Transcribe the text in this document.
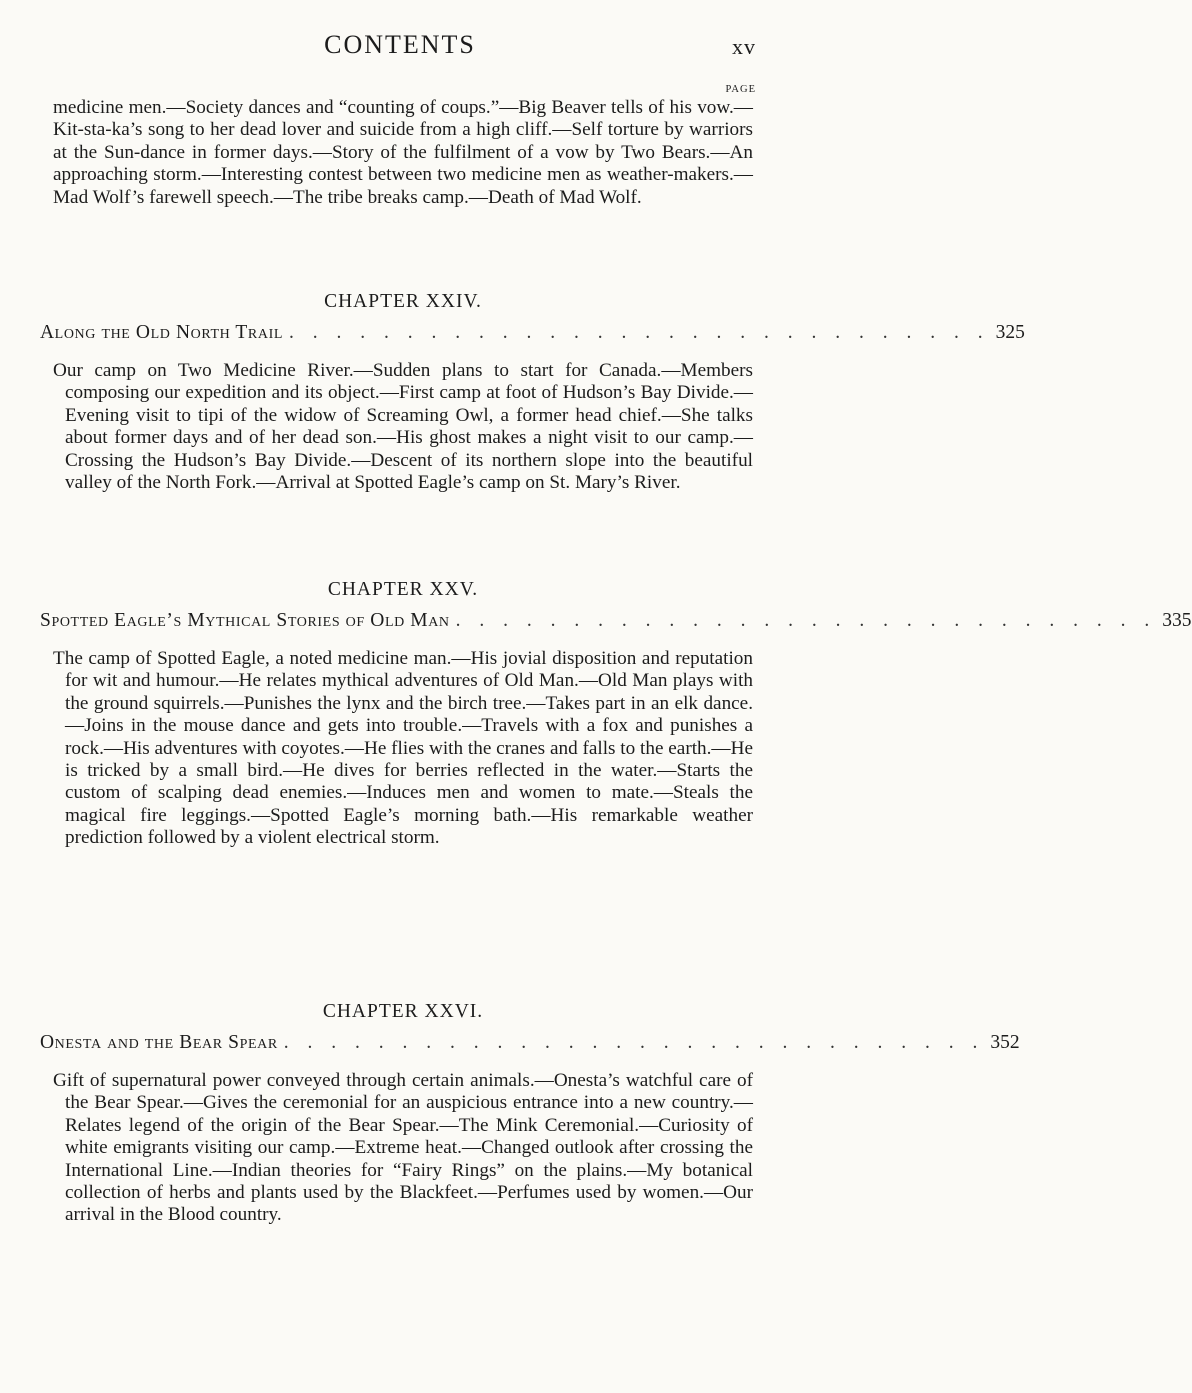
CONTENTS	xv
PAGE

medicine men.—Society dances and “counting of coups.”—Big Beaver tells of his vow.—Kit-sta-ka’s song to her dead lover and suicide from a high cliff.—Self torture by warriors at the Sun-dance in former days.—Story of the fulfilment of a vow by Two Bears.—An approaching storm.—Interesting contest between two medicine men as weather-makers.—Mad Wolf’s farewell speech.—The tribe breaks camp.—Death of Mad Wolf.

CHAPTER XXIV.

Along the Old North Trail . . . . . . . . . . . . . . . . . . . . . . . . . . . . . . 325

Our camp on Two Medicine River.—Sudden plans to start for Canada.—Members composing our expedition and its object.—First camp at foot of Hudson’s Bay Divide.—Evening visit to tipi of the widow of Screaming Owl, a former head chief.—She talks about former days and of her dead son.—His ghost makes a night visit to our camp.—Crossing the Hudson’s Bay Divide.—Descent of its northern slope into the beautiful valley of the North Fork.—Arrival at Spotted Eagle’s camp on St. Mary’s River.

CHAPTER XXV.

Spotted Eagle’s Mythical Stories of Old Man . . . . . . . . . . . . . . . . . . . . . . . . . . . . . . 335

The camp of Spotted Eagle, a noted medicine man.—His jovial disposition and reputation for wit and humour.—He relates mythical adventures of Old Man.—Old Man plays with the ground squirrels.—Punishes the lynx and the birch tree.—Takes part in an elk dance.—Joins in the mouse dance and gets into trouble.—Travels with a fox and punishes a rock.—His adventures with coyotes.—He flies with the cranes and falls to the earth.—He is tricked by a small bird.—He dives for berries reflected in the water.—Starts the custom of scalping dead enemies.—Induces men and women to mate.—Steals the magical fire leggings.—Spotted Eagle’s morning bath.—His remarkable weather prediction followed by a violent electrical storm.

CHAPTER XXVI.

Onesta and the Bear Spear . . . . . . . . . . . . . . . . . . . . . . . . . . . . . . 352

Gift of supernatural power conveyed through certain animals.—Onesta’s watchful care of the Bear Spear.—Gives the ceremonial for an auspicious entrance into a new country.—Relates legend of the origin of the Bear Spear.—The Mink Ceremonial.—Curiosity of white emigrants visiting our camp.—Extreme heat.—Changed outlook after crossing the International Line.—Indian theories for “Fairy Rings” on the plains.—My botanical collection of herbs and plants used by the Blackfeet.—Perfumes used by women.—Our arrival in the Blood country.
